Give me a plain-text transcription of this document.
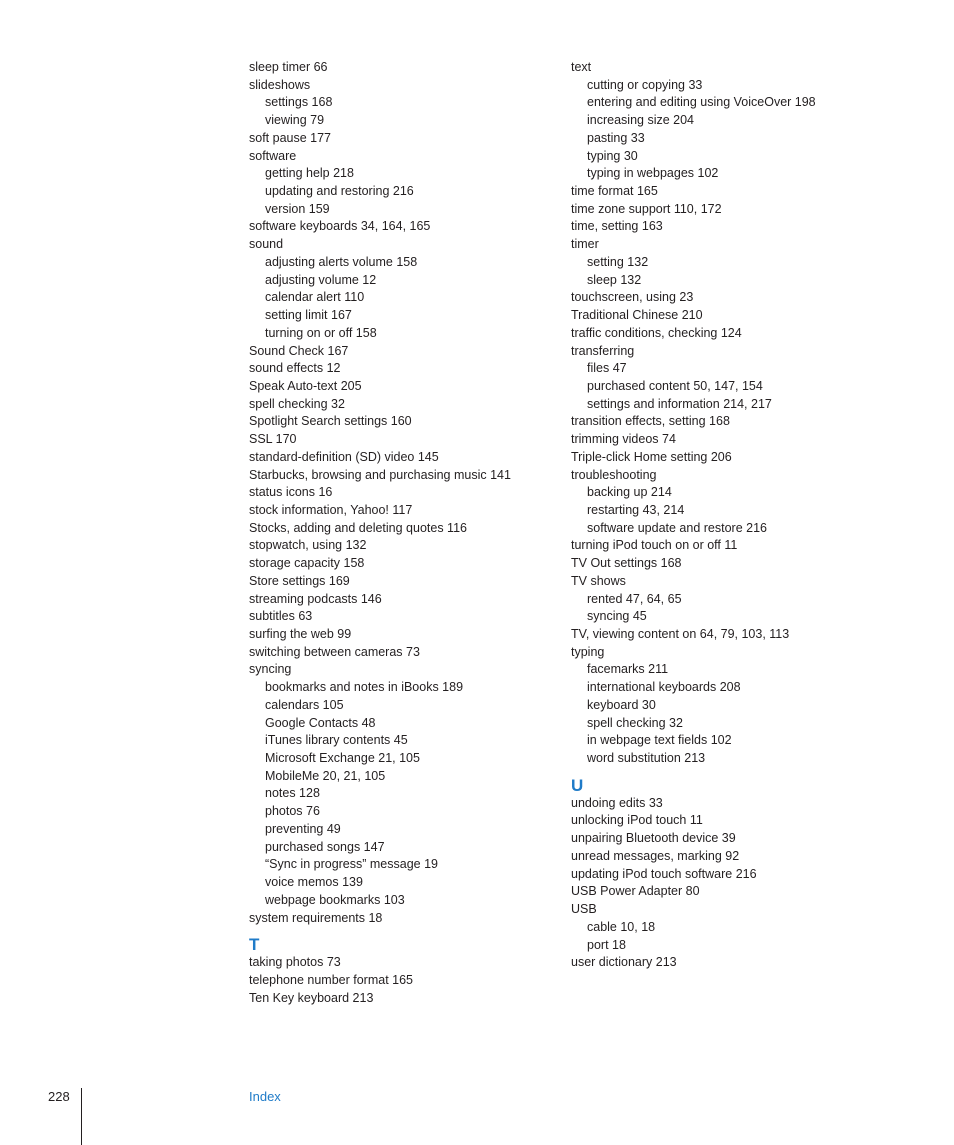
sleep timer 66
slideshows
settings 168
viewing 79
soft pause 177
software
getting help 218
updating and restoring 216
version 159
software keyboards 34, 164, 165
sound
adjusting alerts volume 158
adjusting volume 12
calendar alert 110
setting limit 167
turning on or off 158
Sound Check 167
sound effects 12
Speak Auto-text 205
spell checking 32
Spotlight Search settings 160
SSL 170
standard-definition (SD) video 145
Starbucks, browsing and purchasing music 141
status icons 16
stock information, Yahoo! 117
Stocks, adding and deleting quotes 116
stopwatch, using 132
storage capacity 158
Store settings 169
streaming podcasts 146
subtitles 63
surfing the web 99
switching between cameras 73
syncing
bookmarks and notes in iBooks 189
calendars 105
Google Contacts 48
iTunes library contents 45
Microsoft Exchange 21, 105
MobileMe 20, 21, 105
notes 128
photos 76
preventing 49
purchased songs 147
“Sync in progress” message 19
voice memos 139
webpage bookmarks 103
system requirements 18
T
taking photos 73
telephone number format 165
Ten Key keyboard 213
text
cutting or copying 33
entering and editing using VoiceOver 198
increasing size 204
pasting 33
typing 30
typing in webpages 102
time format 165
time zone support 110, 172
time, setting 163
timer
setting 132
sleep 132
touchscreen, using 23
Traditional Chinese 210
traffic conditions, checking 124
transferring
files 47
purchased content 50, 147, 154
settings and information 214, 217
transition effects, setting 168
trimming videos 74
Triple-click Home setting 206
troubleshooting
backing up 214
restarting 43, 214
software update and restore 216
turning iPod touch on or off 11
TV Out settings 168
TV shows
rented 47, 64, 65
syncing 45
TV, viewing content on 64, 79, 103, 113
typing
facemarks 211
international keyboards 208
keyboard 30
spell checking 32
in webpage text fields 102
word substitution 213
U
undoing edits 33
unlocking iPod touch 11
unpairing Bluetooth device 39
unread messages, marking 92
updating iPod touch software 216
USB Power Adapter 80
USB
cable 10, 18
port 18
user dictionary 213
228	Index
